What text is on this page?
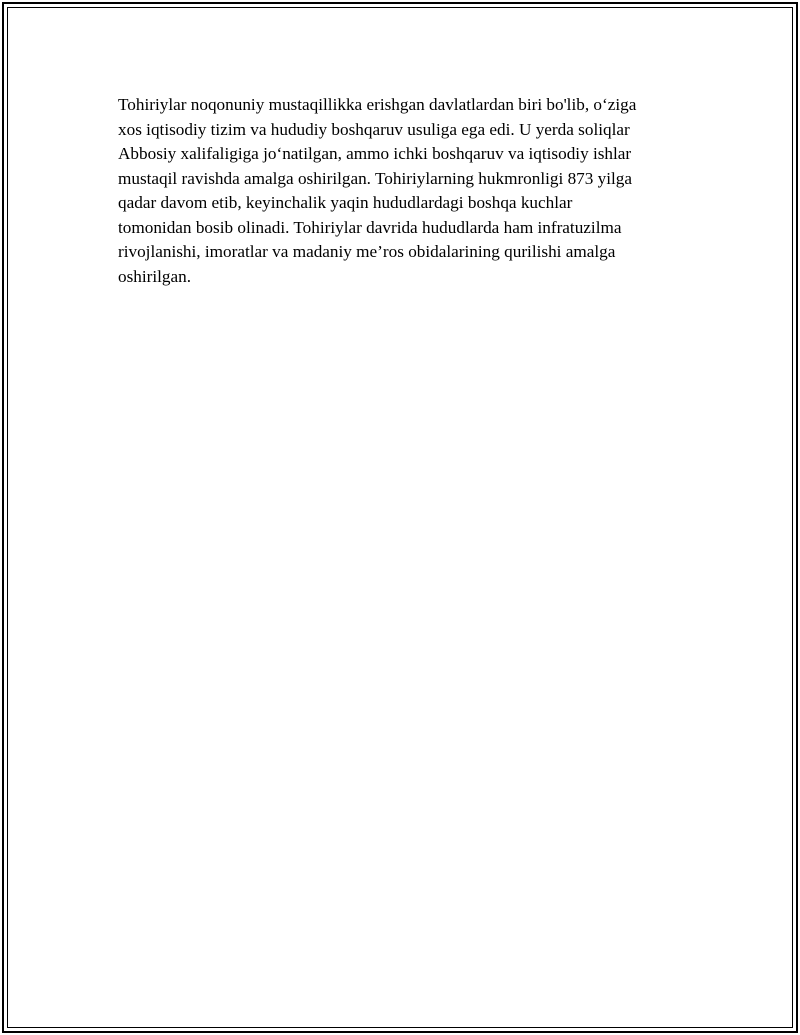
Tohiriylar noqonuniy mustaqillikka erishgan davlatlardan biri bo'lib, o‘ziga
xos iqtisodiy tizim va hududiy boshqaruv usuliga ega edi. U yerda soliqlar
Abbosiy xalifaligiga jo‘natilgan, ammo ichki boshqaruv va iqtisodiy ishlar
mustaqil ravishda amalga oshirilgan. Tohiriylarning hukmronligi 873 yilga
qadar davom etib, keyinchalik yaqin hududlardagi boshqa kuchlar
tomonidan bosib olinadi. Tohiriylar davrida hududlarda ham infratuzilma
rivojlanishi, imoratlar va madaniy me’ros obidalarining qurilishi amalga
oshirilgan.
